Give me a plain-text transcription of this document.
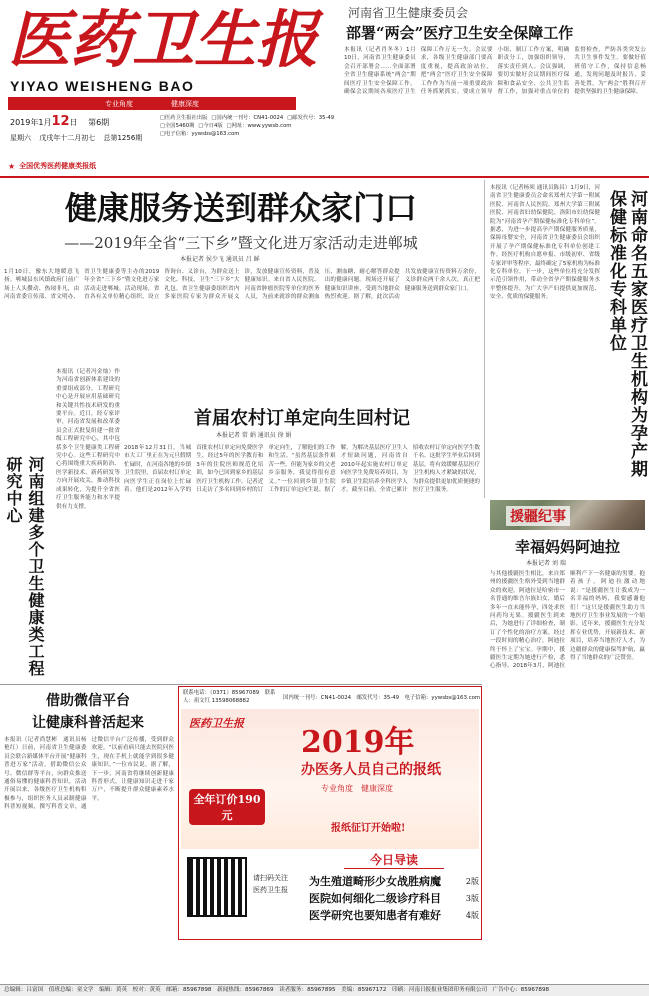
医药卫生报
YIYAO WEISHENG BAO
专业角度	健康深度
2019年1月12日 第6期
星期六 戊戌年十二月初七 总第1256期
□医药卫生报社出版 □国内统一刊号：CN41-0024 □邮发代号：35-49
□全国5460期 □今日4版 □网址：www.yywsb.com
□电子信箱：yywsbs@163.com
★ 全国优秀医药健康类报纸
河南省卫生健康委员会
部署“两会”医疗卫生安全保障工作
本报讯（记者肖冬冬）1月10日，河南省卫生健康委员会召开部署会……全面部署全省卫生健康系统“两会”期间医疗卫生安全保障工作，确保会议期间各项医疗卫生保障工作万无一失。会议要求，各级卫生健康部门要高度重视，提高政治站位，把“两会”医疗卫生安全保障工作作为当前一项重要政治任务抓紧抓实。要成立领导小组，制订工作方案，明确职责分工，加强组织领导，落实责任到人。会议强调，要切实做好会议期间医疗保障和食品安全、公共卫生监督工作，加强对重点单位的监督检查，严防各类突发公共卫生事件发生。要做好值班值守工作，保持信息畅通，发现问题及时报告、妥善处置，为“两会”胜利召开提供坚强的卫生健康保障。
健康服务送到群众家门口
——2019年全省“三下乡”暨文化进万家活动走进郸城
本报记者 侯少飞 通讯员 吕 鲜
1月10日，豫东大地暖意飞扬。郸城县东风镇政府门前广场上人头攒动、热闹非凡，由河南省委宣传部、省文明办、省卫生健康委等主办的2019年全省“三下乡”暨文化进万家活动走进郸城。活动现场，省直各有关单位精心组织，设立咨询台、义诊台，为群众送上文化、科技、卫生“三下乡”大礼包。省卫生健康委组织省内多家医院专家为群众开展义诊，发放健康宣传资料，普及健康知识。来自省人民医院、河南省肿瘤医院等单位的医务人员，为前来就诊的群众测血压、测血糖，耐心解答群众提出的健康问题。现场还开展了健康知识讲座，受到当地群众热烈欢迎。据了解，此次活动共发放健康宣传资料万余份，义诊群众两千余人次，真正把健康服务送到群众家门口。
河南组建多个卫生健康类工程研究中心
本报讯（记者冯金灿）作为河南省创新体系建设的重要组成部分，工程研究中心是开展应用基础研究和关键共性技术研发的重要平台。近日，经专家评审，河南省发展和改革委员会正式批复组建一批省级工程研究中心，其中包括多个卫生健康类工程研究中心。这些工程研究中心将围绕重大疾病防治、医学新技术、新药研发等方向开展攻关，推动科技成果转化，为提升全省医疗卫生服务能力和水平提供有力支撑。
首届农村订单定向生回村记
本报记者 常 娟 通讯员 徐 娟
2018年12月31日，当城市大工厂里正在为元旦假期忙碌时，在河南各地的乡镇卫生院里，首届农村订单定向医学生正在岗位上忙碌着。他们是2012年入学的首批农村订单定向免费医学生，经过5年的医学教育和3年的住院医师规范化培训，如今已回到家乡的基层医疗卫生机构工作。记者近日走访了多名回到乡村的订单定向生，了解他们的工作和生活。“虽然基层条件艰苦一些，但能为家乡的父老乡亲服务，我觉得很有意义。”一位回到乡镇卫生院工作的订单定向生说。据了解，为解决基层医疗卫生人才短缺问题，河南省自2010年起实施农村订单定向医学生免费培养项目，为乡镇卫生院培养全科医学人才。截至目前，全省已累计招收农村订单定向医学生数千名。这批学生毕业后回到基层，将有效缓解基层医疗卫生机构人才紧缺的状况，为群众提供更加优质便捷的医疗卫生服务。
河南命名五家医疗卫生机构为孕产期保健标准化专科单位
本报讯（记者杨须 通讯员陈昌）1月9日，河南省卫生健康委员会命名郑州大学第一附属医院、河南省人民医院、郑州大学第三附属医院、河南省妇幼保健院、洛阳市妇幼保健院为“河南省孕产期保健标准化专科单位”。据悉，为进一步提高孕产期保健服务质量，保障母婴安全，河南省卫生健康委员会组织开展了孕产期保健标准化专科单位创建工作。经医疗机构自愿申报、市级初审、省级专家评审等程序，最终确定了5家机构为标准化专科单位。下一步，这些单位将充分发挥示范引领作用，带动全省孕产期保健服务水平整体提升，为广大孕产妇提供更加规范、安全、优质的保健服务。
援疆纪事
幸福妈妈阿迪拉
本报记者 刘 瑞
与其他援疆医生相比，来自郑州的援疆医生格外受到当地群众的欢迎。阿迪拉是哈密市一名普通的维吾尔族妇女，婚后多年一直未能怀孕，四处求医问药均无果。援疆医生到来后，为她进行了详细检查，制订了个性化的治疗方案。经过一段时间的精心治疗，阿迪拉终于怀上了宝宝。孕期中，援疆医生定期为她进行产检，悉心指导。2018年3月，阿迪拉顺利产下一名健康的男婴。抱着孩子，阿迪拉激动地说：“是援疆医生让我成为一名幸福的妈妈，我要感谢他们！”这只是援疆医生助力当地医疗卫生事业发展的一个缩影。近年来，援疆医生充分发挥专业优势，开展新技术、新项目，培养当地医疗人才，为边疆群众的健康保驾护航，赢得了当地群众的广泛赞誉。
借助微信平台
让健康科普活起来
本报讯（记者尚慧彬　通讯员杨艳红）日前，河南省卫生健康委员会联合新媒体平台开展“健康科普进万家”活动，借助微信公众号、微信群等平台，向群众推送通俗易懂的健康科普知识。活动开展以来，各级医疗卫生机构积极参与，组织医务人员录制健康科普短视频，撰写科普文章，通过微信平台广泛传播，受到群众欢迎。“以前看病只能去医院问医生，现在手机上就能学到很多健康知识。”一位市民说。据了解，下一步，河南省将继续创新健康科普形式，让健康知识走进千家万户，不断提升群众健康素养水平。
联系电话：（0371）85967089　联系人：祖文红 13598068882	国内统一刊号：CN41-0024　邮发代号：35-49　电子信箱：yywsbs@163.com
医药卫生报
2019年
办医务人员自己的报纸
专业角度　健康深度
全年订价190元
报纸征订开始啦!
请扫码关注
医药卫生报
今日导读
为生殖道畸形少女战胜病魔	2版
医院如何细化二级诊疗科目	3版
医学研究也要知患者有难好	4版
总编辑：吕富国　值班总编：童文学　编辑：黄英　校对：黄英　邮箱：85967898　新闻热线：85967869　读者服务：85967895　美编：85967172　印刷：河南日报报业集团印务有限公司　广告中心：85967898
